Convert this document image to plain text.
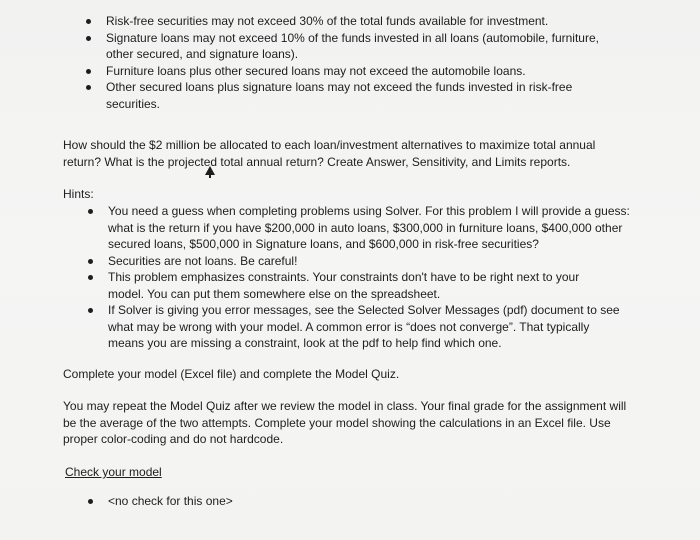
Risk-free securities may not exceed 30% of the total funds available for investment.
Signature loans may not exceed 10% of the funds invested in all loans (automobile, furniture, other secured, and signature loans).
Furniture loans plus other secured loans may not exceed the automobile loans.
Other secured loans plus signature loans may not exceed the funds invested in risk-free securities.

How should the $2 million be allocated to each loan/investment alternatives to maximize total annual return? What is the projected total annual return? Create Answer, Sensitivity, and Limits reports.

Hints:

You need a guess when completing problems using Solver. For this problem I will provide a guess: what is the return if you have $200,000 in auto loans, $300,000 in furniture loans, $400,000 other secured loans, $500,000 in Signature loans, and $600,000 in risk-free securities?
Securities are not loans. Be careful!
This problem emphasizes constraints. Your constraints don't have to be right next to your model. You can put them somewhere else on the spreadsheet.
If Solver is giving you error messages, see the Selected Solver Messages (pdf) document to see what may be wrong with your model. A common error is “does not converge”. That typically means you are missing a constraint, look at the pdf to help find which one.

Complete your model (Excel file) and complete the Model Quiz.

You may repeat the Model Quiz after we review the model in class. Your final grade for the assignment will be the average of the two attempts. Complete your model showing the calculations in an Excel file. Use proper color-coding and do not hardcode.

Check your model

<no check for this one>
